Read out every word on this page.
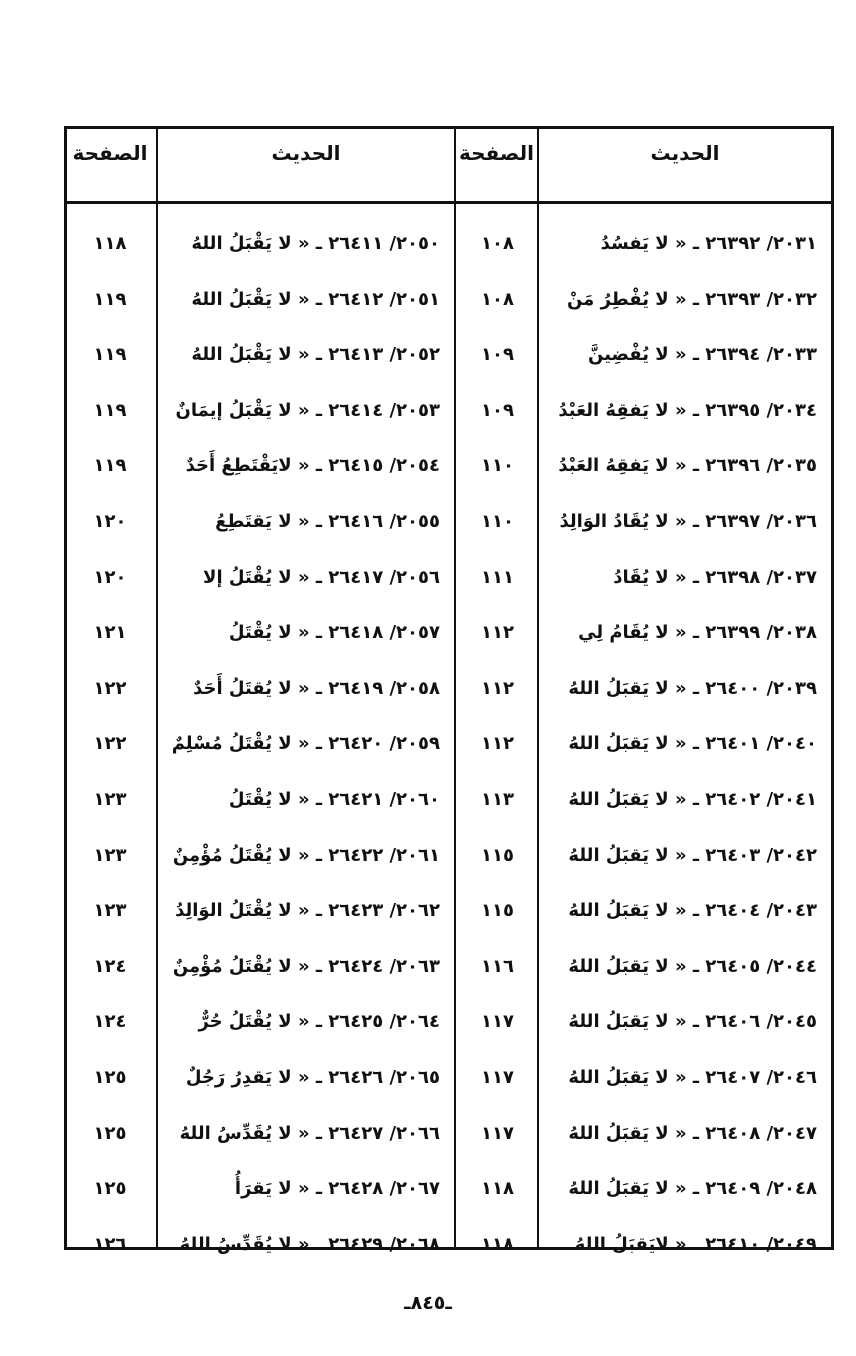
الحديث
الصفحة
الحديث
الصفحة
٢٠٣١/ ٢٦٣٩٢ ـ « لا يَفسُدُ
١٠٨
٢٠٥٠/ ٢٦٤١١ ـ « لا يَقْبَلُ اللهُ
١١٨
٢٠٣٢/ ٢٦٣٩٣ ـ « لا يُفْطِرُ مَنْ
١٠٨
٢٠٥١/ ٢٦٤١٢ ـ « لا يَقْبَلُ اللهُ
١١٩
٢٠٣٣/ ٢٦٣٩٤ ـ « لا يُفْضِينَّ
١٠٩
٢٠٥٢/ ٢٦٤١٣ ـ « لا يَقْبَلُ اللهُ
١١٩
٢٠٣٤/ ٢٦٣٩٥ ـ « لا يَفقِهُ العَبْدُ
١٠٩
٢٠٥٣/ ٢٦٤١٤ ـ « لا يَقْبَلُ إيمَانٌ
١١٩
٢٠٣٥/ ٢٦٣٩٦ ـ « لا يَفقِهُ العَبْدُ
١١٠
٢٠٥٤/ ٢٦٤١٥ ـ « لايَقْتَطِعُ أَحَدٌ
١١٩
٢٠٣٦/ ٢٦٣٩٧ ـ « لا يُقَادُ الوَالِدُ
١١٠
٢٠٥٥/ ٢٦٤١٦ ـ « لا يَقتَطِعُ
١٢٠
٢٠٣٧/ ٢٦٣٩٨ ـ « لا يُقَادُ
١١١
٢٠٥٦/ ٢٦٤١٧ ـ « لا يُقْتَلُ إلا
١٢٠
٢٠٣٨/ ٢٦٣٩٩ ـ « لا يُقَامُ لِي
١١٢
٢٠٥٧/ ٢٦٤١٨ ـ « لا يُقْتَلُ
١٢١
٢٠٣٩/ ٢٦٤٠٠ ـ « لا يَقبَلُ اللهُ
١١٢
٢٠٥٨/ ٢٦٤١٩ ـ « لا يُقتَلُ أَحَدٌ
١٢٢
٢٠٤٠/ ٢٦٤٠١ ـ « لا يَقبَلُ اللهُ
١١٢
٢٠٥٩/ ٢٦٤٢٠ ـ « لا يُقْتَلُ مُسْلِمٌ
١٢٢
٢٠٤١/ ٢٦٤٠٢ ـ « لا يَقبَلُ اللهُ
١١٣
٢٠٦٠/ ٢٦٤٢١ ـ « لا يُقْتَلُ
١٢٣
٢٠٤٢/ ٢٦٤٠٣ ـ « لا يَقبَلُ اللهُ
١١٥
٢٠٦١/ ٢٦٤٢٢ ـ « لا يُقْتَلُ مُؤْمِنٌ
١٢٣
٢٠٤٣/ ٢٦٤٠٤ ـ « لا يَقبَلُ اللهُ
١١٥
٢٠٦٢/ ٢٦٤٢٣ ـ « لا يُقْتَلُ الوَالِدُ
١٢٣
٢٠٤٤/ ٢٦٤٠٥ ـ « لا يَقبَلُ اللهُ
١١٦
٢٠٦٣/ ٢٦٤٢٤ ـ « لا يُقْتَلُ مُؤْمِنٌ
١٢٤
٢٠٤٥/ ٢٦٤٠٦ ـ « لا يَقبَلُ اللهُ
١١٧
٢٠٦٤/ ٢٦٤٢٥ ـ « لا يُقْتَلُ حُرٌّ
١٢٤
٢٠٤٦/ ٢٦٤٠٧ ـ « لا يَقبَلُ اللهُ
١١٧
٢٠٦٥/ ٢٦٤٢٦ ـ « لا يَقدِرُ رَجُلٌ
١٢٥
٢٠٤٧/ ٢٦٤٠٨ ـ « لا يَقبَلُ اللهُ
١١٧
٢٠٦٦/ ٢٦٤٢٧ ـ « لا يُقَدِّسُ اللهُ
١٢٥
٢٠٤٨/ ٢٦٤٠٩ ـ « لا يَقبَلُ اللهُ
١١٨
٢٠٦٧/ ٢٦٤٢٨ ـ « لا يَقرَأُ
١٢٥
٢٠٤٩/ ٢٦٤١٠ ـ « لايَقبَلُ اللهُ
١١٨
٢٠٦٨/ ٢٦٤٢٩ ـ « لا يُقَدِّسُ اللهُ
١٢٦
ـ٨٤٥ـ
